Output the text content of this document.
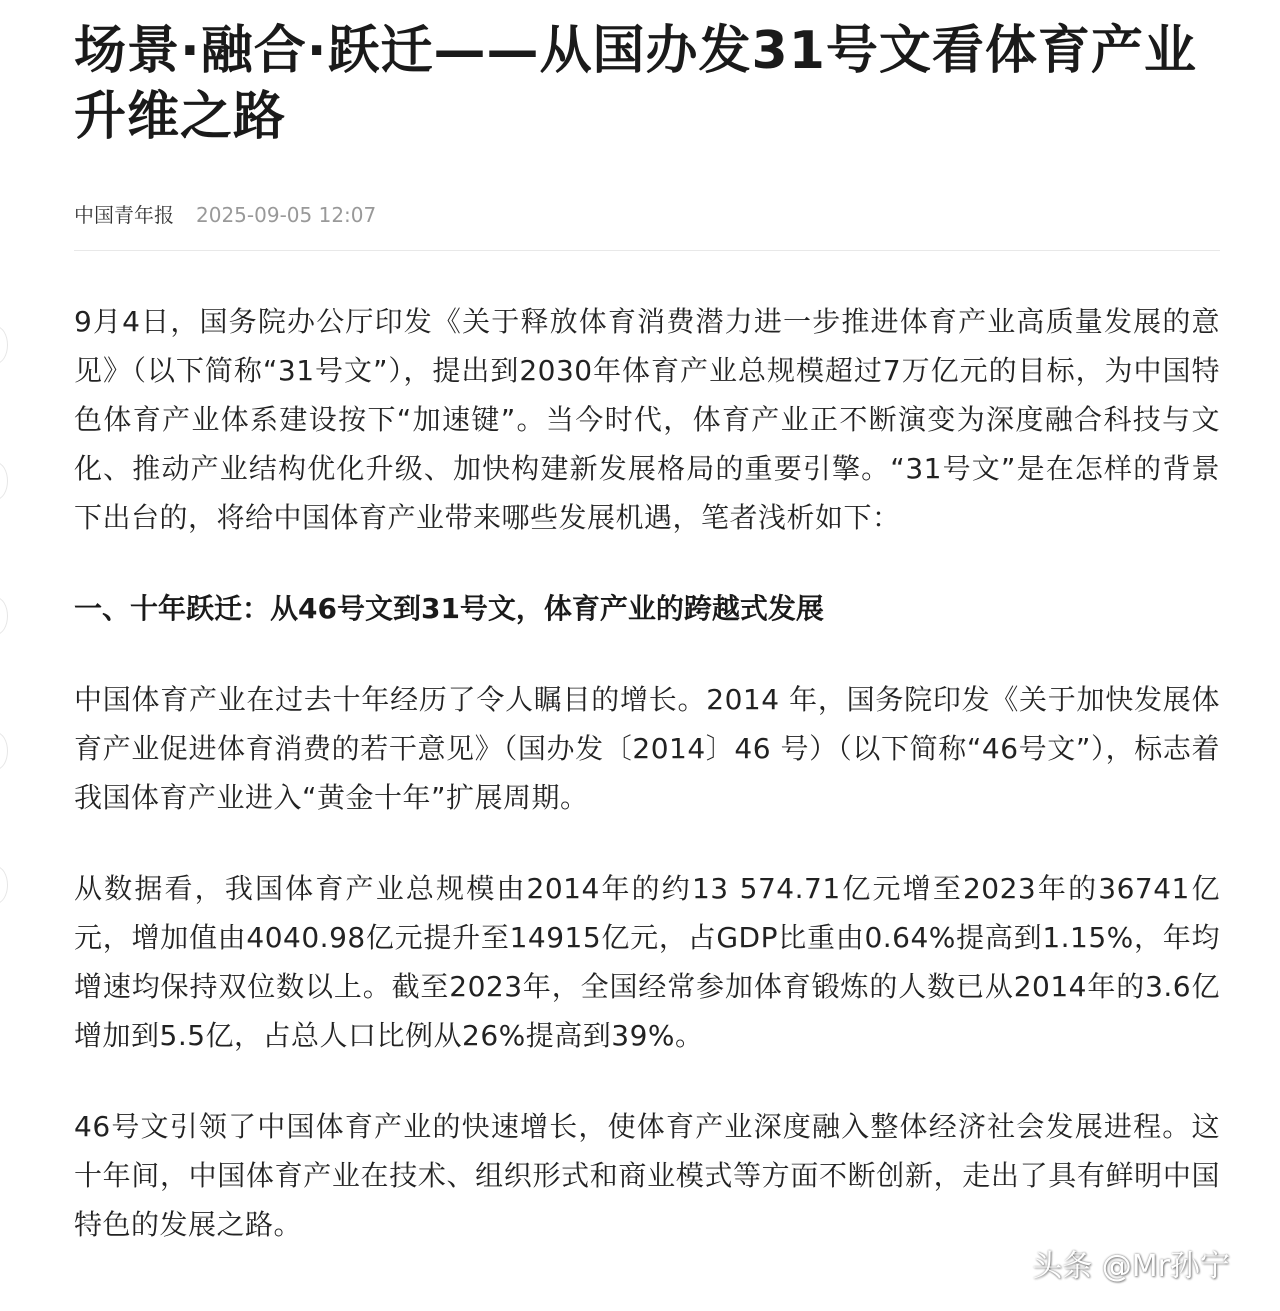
场景·融合·跃迁——从国办发31号文看体育产业升维之路
中国青年报 2025-09-05 12:07

9月4日，国务院办公厅印发《关于释放体育消费潜力进一步推进体育产业高质量发展的意见》（以下简称“31号文”），提出到2030年体育产业总规模超过7万亿元的目标，为中国特色体育产业体系建设按下“加速键”。当今时代，体育产业正不断演变为深度融合科技与文化、推动产业结构优化升级、加快构建新发展格局的重要引擎。“31号文”是在怎样的背景下出台的，将给中国体育产业带来哪些发展机遇，笔者浅析如下：

一、十年跃迁：从46号文到31号文，体育产业的跨越式发展

中国体育产业在过去十年经历了令人瞩目的增长。2014 年，国务院印发《关于加快发展体育产业促进体育消费的若干意见》（国办发〔2014〕46 号）（以下简称“46号文”），标志着我国体育产业进入“黄金十年”扩展周期。

从数据看，我国体育产业总规模由2014年的约13 574.71亿元增至2023年的36741亿元，增加值由4040.98亿元提升至14915亿元，占GDP比重由0.64%提高到1.15%，年均增速均保持双位数以上。截至2023年，全国经常参加体育锻炼的人数已从2014年的3.6亿增加到5.5亿，占总人口比例从26%提高到39%。

46号文引领了中国体育产业的快速增长，使体育产业深度融入整体经济社会发展进程。这十年间，中国体育产业在技术、组织形式和商业模式等方面不断创新，走出了具有鲜明中国特色的发展之路。

头条 @Mr孙宁
